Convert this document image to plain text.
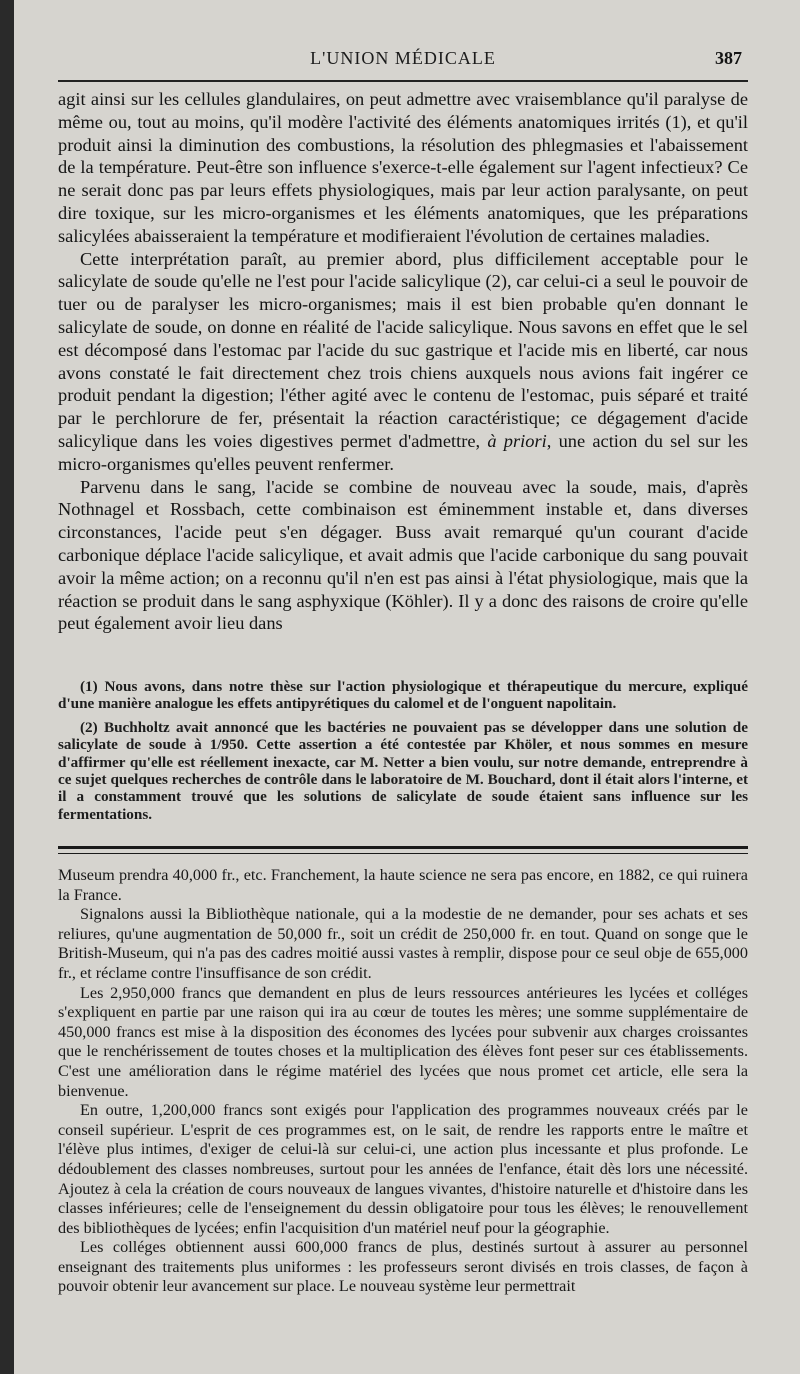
L'UNION MÉDICALE	387

agit ainsi sur les cellules glandulaires, on peut admettre avec vraisemblance qu'il paralyse de même ou, tout au moins, qu'il modère l'activité des éléments anatomiques irrités (1), et qu'il produit ainsi la diminution des combustions, la résolution des phlegmasies et l'abaissement de la température. Peut-être son influence s'exerce-t-elle également sur l'agent infectieux? Ce ne serait donc pas par leurs effets physiologiques, mais par leur action paralysante, on peut dire toxique, sur les micro-organismes et les éléments anatomiques, que les préparations salicylées abaisseraient la température et modifieraient l'évolution de certaines maladies.

Cette interprétation paraît, au premier abord, plus difficilement acceptable pour le salicylate de soude qu'elle ne l'est pour l'acide salicylique (2), car celui-ci a seul le pouvoir de tuer ou de paralyser les micro-organismes; mais il est bien probable qu'en donnant le salicylate de soude, on donne en réalité de l'acide salicylique. Nous savons en effet que le sel est décomposé dans l'estomac par l'acide du suc gastrique et l'acide mis en liberté, car nous avons constaté le fait directement chez trois chiens auxquels nous avions fait ingérer ce produit pendant la digestion; l'éther agité avec le contenu de l'estomac, puis séparé et traité par le perchlorure de fer, présentait la réaction caractéristique; ce dégagement d'acide salicylique dans les voies digestives permet d'admettre, à priori, une action du sel sur les micro-organismes qu'elles peuvent renfermer.

Parvenu dans le sang, l'acide se combine de nouveau avec la soude, mais, d'après Nothnagel et Rossbach, cette combinaison est éminemment instable et, dans diverses circonstances, l'acide peut s'en dégager. Buss avait remarqué qu'un courant d'acide carbonique déplace l'acide salicylique, et avait admis que l'acide carbonique du sang pouvait avoir la même action; on a reconnu qu'il n'en est pas ainsi à l'état physiologique, mais que la réaction se produit dans le sang asphyxique (Köhler). Il y a donc des raisons de croire qu'elle peut également avoir lieu dans

(1) Nous avons, dans notre thèse sur l'action physiologique et thérapeutique du mercure, expliqué d'une manière analogue les effets antipyrétiques du calomel et de l'onguent napolitain.

(2) Buchholtz avait annoncé que les bactéries ne pouvaient pas se développer dans une solution de salicylate de soude à 1/950. Cette assertion a été contestée par Khöler, et nous sommes en mesure d'affirmer qu'elle est réellement inexacte, car M. Netter a bien voulu, sur notre demande, entreprendre à ce sujet quelques recherches de contrôle dans le laboratoire de M. Bouchard, dont il était alors l'interne, et il a constamment trouvé que les solutions de salicylate de soude étaient sans influence sur les fermentations.

Museum prendra 40,000 fr., etc. Franchement, la haute science ne sera pas encore, en 1882, ce qui ruinera la France.

Signalons aussi la Bibliothèque nationale, qui a la modestie de ne demander, pour ses achats et ses reliures, qu'une augmentation de 50,000 fr., soit un crédit de 250,000 fr. en tout. Quand on songe que le British-Museum, qui n'a pas des cadres moitié aussi vastes à remplir, dispose pour ce seul obje de 655,000 fr., et réclame contre l'insuffisance de son crédit.

Les 2,950,000 francs que demandent en plus de leurs ressources antérieures les lycées et colléges s'expliquent en partie par une raison qui ira au cœur de toutes les mères; une somme supplémentaire de 450,000 francs est mise à la disposition des économes des lycées pour subvenir aux charges croissantes que le renchérissement de toutes choses et la multiplication des élèves font peser sur ces établissements. C'est une amélioration dans le régime matériel des lycées que nous promet cet article, elle sera la bienvenue.

En outre, 1,200,000 francs sont exigés pour l'application des programmes nouveaux créés par le conseil supérieur. L'esprit de ces programmes est, on le sait, de rendre les rapports entre le maître et l'élève plus intimes, d'exiger de celui-là sur celui-ci, une action plus incessante et plus profonde. Le dédoublement des classes nombreuses, surtout pour les années de l'enfance, était dès lors une nécessité. Ajoutez à cela la création de cours nouveaux de langues vivantes, d'histoire naturelle et d'histoire dans les classes inférieures; celle de l'enseignement du dessin obligatoire pour tous les élèves; le renouvellement des bibliothèques de lycées; enfin l'acquisition d'un matériel neuf pour la géographie.

Les colléges obtiennent aussi 600,000 francs de plus, destinés surtout à assurer au personnel enseignant des traitements plus uniformes : les professeurs seront divisés en trois classes, de façon à pouvoir obtenir leur avancement sur place. Le nouveau système leur permettrait
